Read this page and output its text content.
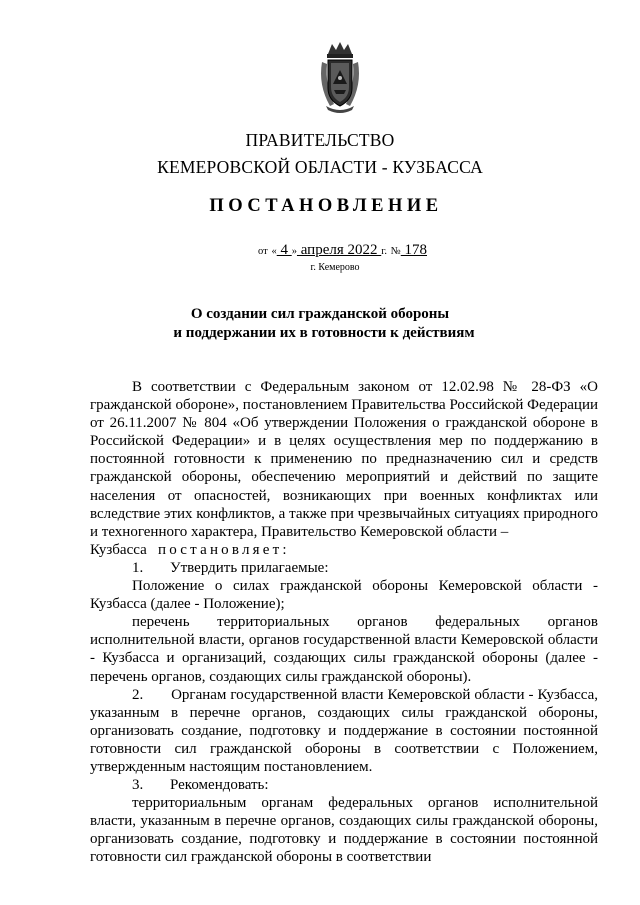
ПРАВИТЕЛЬСТВО
КЕМЕРОВСКОЙ ОБЛАСТИ - КУЗБАССА
ПОСТАНОВЛЕНИЕ
от « 4 » апреля 2022 г. № 178
г. Кемерово
О создании сил гражданской обороны
и поддержании их в готовности к действиям

В соответствии с Федеральным законом от 12.02.98 № 28-ФЗ «О гражданской обороне», постановлением Правительства Российской Федерации от 26.11.2007 № 804 «Об утверждении Положения о гражданской обороне в Российской Федерации» и в целях осуществления мер по поддержанию в постоянной готовности к применению по предназначению сил и средств гражданской обороны, обеспечению мероприятий и действий по защите населения от опасностей, возникающих при военных конфликтах или вследствие этих конфликтов, а также при чрезвычайных ситуациях природного и техногенного характера, Правительство Кемеровской области –

Кузбасса постановляет:

1.	Утвердить прилагаемые:

Положение о силах гражданской обороны Кемеровской области - Кузбасса (далее - Положение);

перечень территориальных органов федеральных органов исполнительной власти, органов государственной власти Кемеровской области - Кузбасса и организаций, создающих силы гражданской обороны (далее - перечень органов, создающих силы гражданской обороны).

2. Органам государственной власти Кемеровской области - Кузбасса, указанным в перечне органов, создающих силы гражданской обороны, организовать создание, подготовку и поддержание в состоянии постоянной готовности сил гражданской обороны в соответствии с Положением, утвержденным настоящим постановлением.

3.	Рекомендовать:

территориальным органам федеральных органов исполнительной власти, указанным в перечне органов, создающих силы гражданской обороны, организовать создание, подготовку и поддержание в состоянии постоянной готовности сил гражданской обороны в соответствии
